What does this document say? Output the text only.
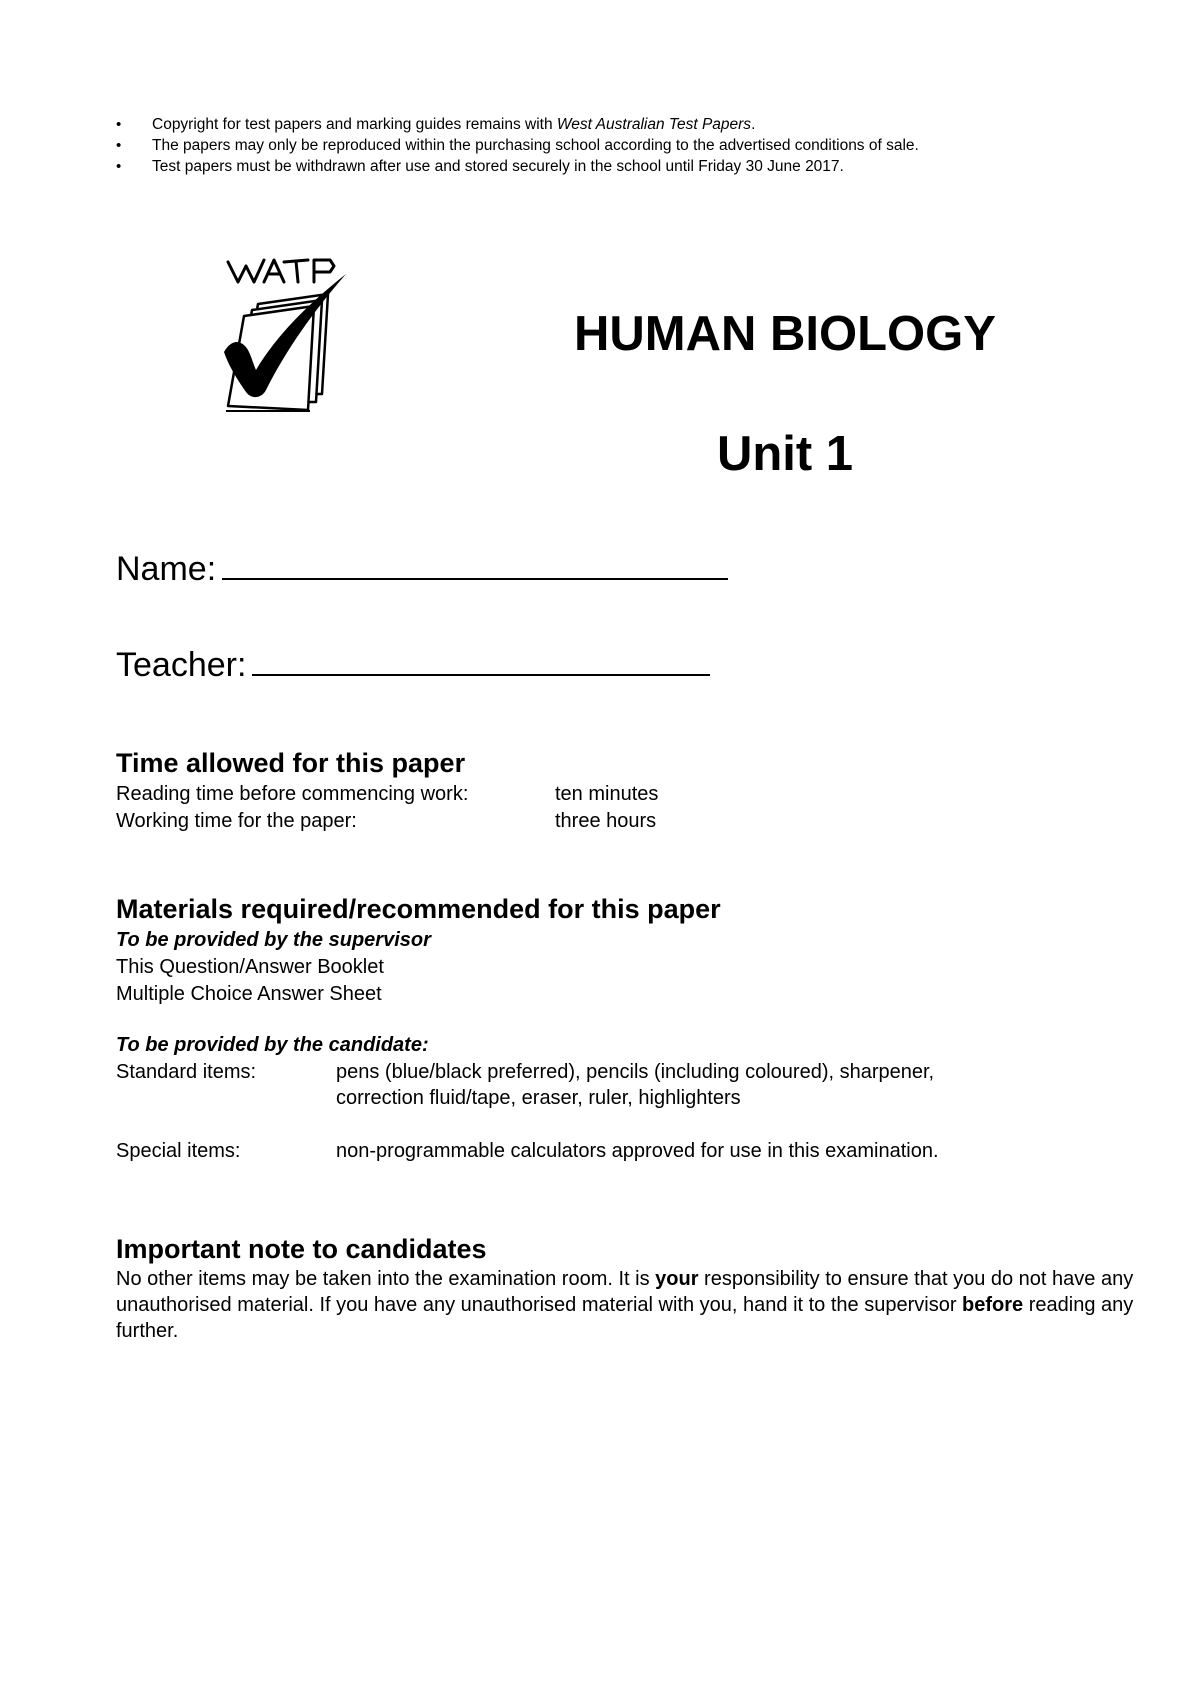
• Copyright for test papers and marking guides remains with West Australian Test Papers.
• The papers may only be reproduced within the purchasing school according to the advertised conditions of sale.
• Test papers must be withdrawn after use and stored securely in the school until Friday 30 June 2017.
HUMAN BIOLOGY
Unit 1
Name:
Teacher:
Time allowed for this paper
Reading time before commencing work:	ten minutes
Working time for the paper:	three hours
Materials required/recommended for this paper
To be provided by the supervisor
This Question/Answer Booklet
Multiple Choice Answer Sheet
To be provided by the candidate:
Standard items:	pens (blue/black preferred), pencils (including coloured), sharpener,
correction fluid/tape, eraser, ruler, highlighters
Special items:	non-programmable calculators approved for use in this examination.
Important note to candidates
No other items may be taken into the examination room. It is your responsibility to ensure that you do not have any unauthorised material. If you have any unauthorised material with you, hand it to the supervisor before reading any further.
